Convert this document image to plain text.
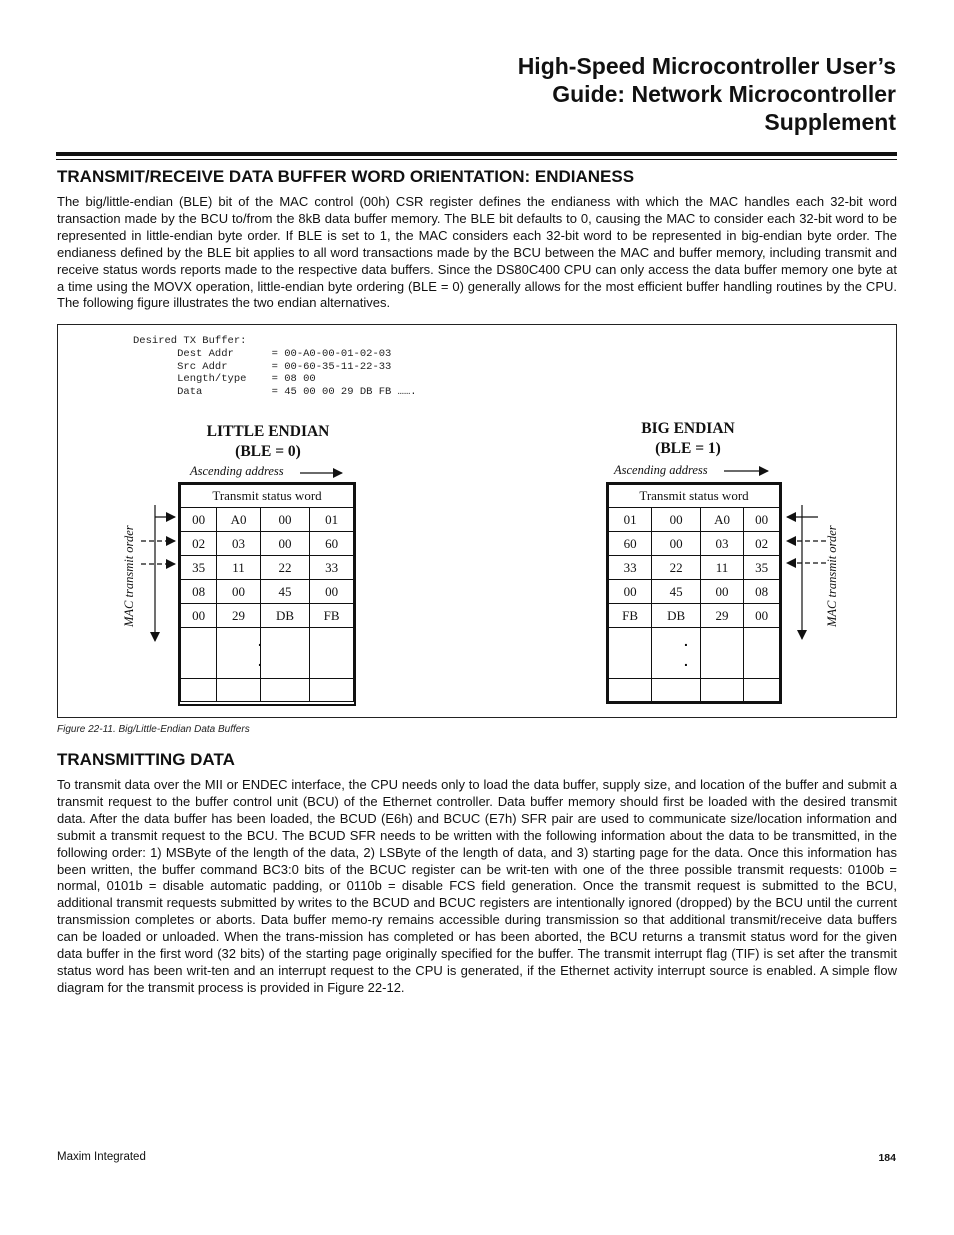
High-Speed Microcontroller User’s
Guide: Network Microcontroller
Supplement
TRANSMIT/RECEIVE DATA BUFFER WORD ORIENTATION: ENDIANESS
The big/little-endian (BLE) bit of the MAC control (00h) CSR register defines the endianess with which the MAC handles each 32-bit word transaction made by the BCU to/from the 8kB data buffer memory. The BLE bit defaults to 0, causing the MAC to consider each 32-bit word to be represented in little-endian byte order. If BLE is set to 1, the MAC considers each 32-bit word to be represented in big-endian byte order. The endianess defined by the BLE bit applies to all word transactions made by the BCU between the MAC and buffer memory, including transmit and receive status words reports made to the respective data buffers. Since the DS80C400 CPU can only access the data buffer memory one byte at a time using the MOVX operation, little-endian byte ordering (BLE = 0) generally allows for the most efficient buffer handling routines by the CPU. The following figure illustrates the two endian alternatives.
Desired TX Buffer:
Dest Addr      = 00-A0-00-01-02-03
Src Addr       = 00-60-35-11-22-33
Length/type    = 08 00
Data           = 45 00 00 29 DB FB …….
LITTLE ENDIAN
(BLE = 0)
Ascending address
Transmit status word			
00	A0	00	01
02	03	00	60
35	11	22	33
08	00	45	00
00	29	DB	FB

.
.
MAC transmit order
BIG ENDIAN
(BLE = 1)
Ascending address
Transmit status word			
01	00	A0	00
60	00	03	02
33	22	11	35
00	45	00	08
FB	DB	29	00

.
.
MAC transmit order
Figure 22-11. Big/Little-Endian Data Buffers
TRANSMITTING DATA
To transmit data over the MII or ENDEC interface, the CPU needs only to load the data buffer, supply size, and location of the buffer and submit a transmit request to the buffer control unit (BCU) of the Ethernet controller. Data buffer memory should first be loaded with the desired transmit data. After the data buffer has been loaded, the BCUD (E6h) and BCUC (E7h) SFR pair are used to communicate size/location information and submit a transmit request to the BCU. The BCUD SFR needs to be written with the following information about the data to be transmitted, in the following order: 1) MSByte of the length of the data, 2) LSByte of the length of data, and 3) starting page for the data. Once this information has been written, the buffer command BC3:0 bits of the BCUC register can be writ-ten with one of the three possible transmit requests: 0100b = normal, 0101b = disable automatic padding, or 0110b = disable FCS field generation. Once the transmit request is submitted to the BCU, additional transmit requests submitted by writes to the BCUD and BCUC registers are intentionally ignored (dropped) by the BCU until the current transmission completes or aborts. Data buffer memo-ry remains accessible during transmission so that additional transmit/receive data buffers can be loaded or unloaded. When the trans-mission has completed or has been aborted, the BCU returns a transmit status word for the given data buffer in the first word (32 bits) of the starting page originally specified for the buffer. The transmit interrupt flag (TIF) is set after the transmit status word has been writ-ten and an interrupt request to the CPU is generated, if the Ethernet activity interrupt source is enabled. A simple flow diagram for the transmit process is provided in Figure 22-12.
Maxim Integrated	184
